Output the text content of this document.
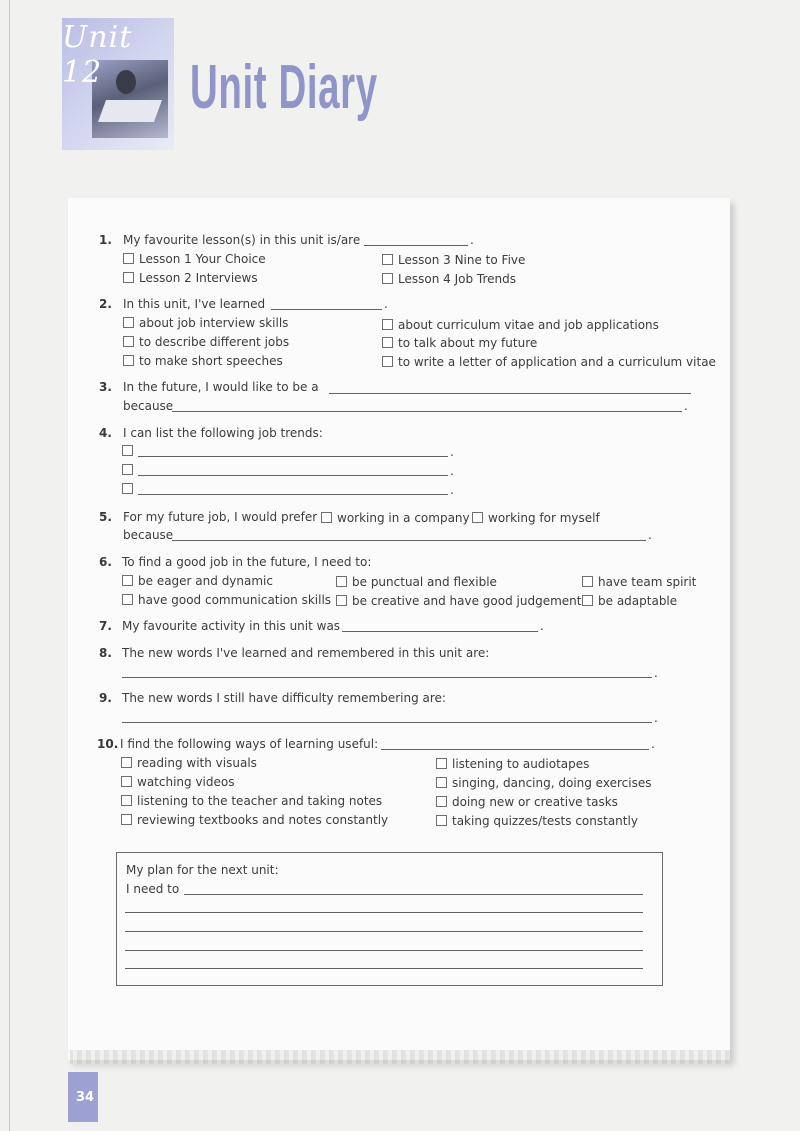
Unit 12	Unit Diary
1. My favourite lesson(s) in this unit is/are	.
Lesson 1 Your Choice
Lesson 2 Interviews
Lesson 3 Nine to Five
Lesson 4 Job Trends
2. In this unit, I've learned	.
about job interview skills
to describe different jobs
to make short speeches
about curriculum vitae and job applications
to talk about my future
to write a letter of application and a curriculum vitae
3. In the future, I would like to be a
because	.
4. I can list the following job trends:
.
.
.
5. For my future job, I would prefer	working in a company	working for myself
because	.
6. To find a good job in the future, I need to:
be eager and dynamic
have good communication skills
be punctual and flexible
be creative and have good judgement
have team spirit
be adaptable
7. My favourite activity in this unit was	.
8. The new words I've learned and remembered in this unit are:
.
9. The new words I still have difficulty remembering are:
.
10. I find the following ways of learning useful:	.
reading with visuals
watching videos
listening to the teacher and taking notes
reviewing textbooks and notes constantly
listening to audiotapes
singing, dancing, doing exercises
doing new or creative tasks
taking quizzes/tests constantly
My plan for the next unit:
I need to
34
